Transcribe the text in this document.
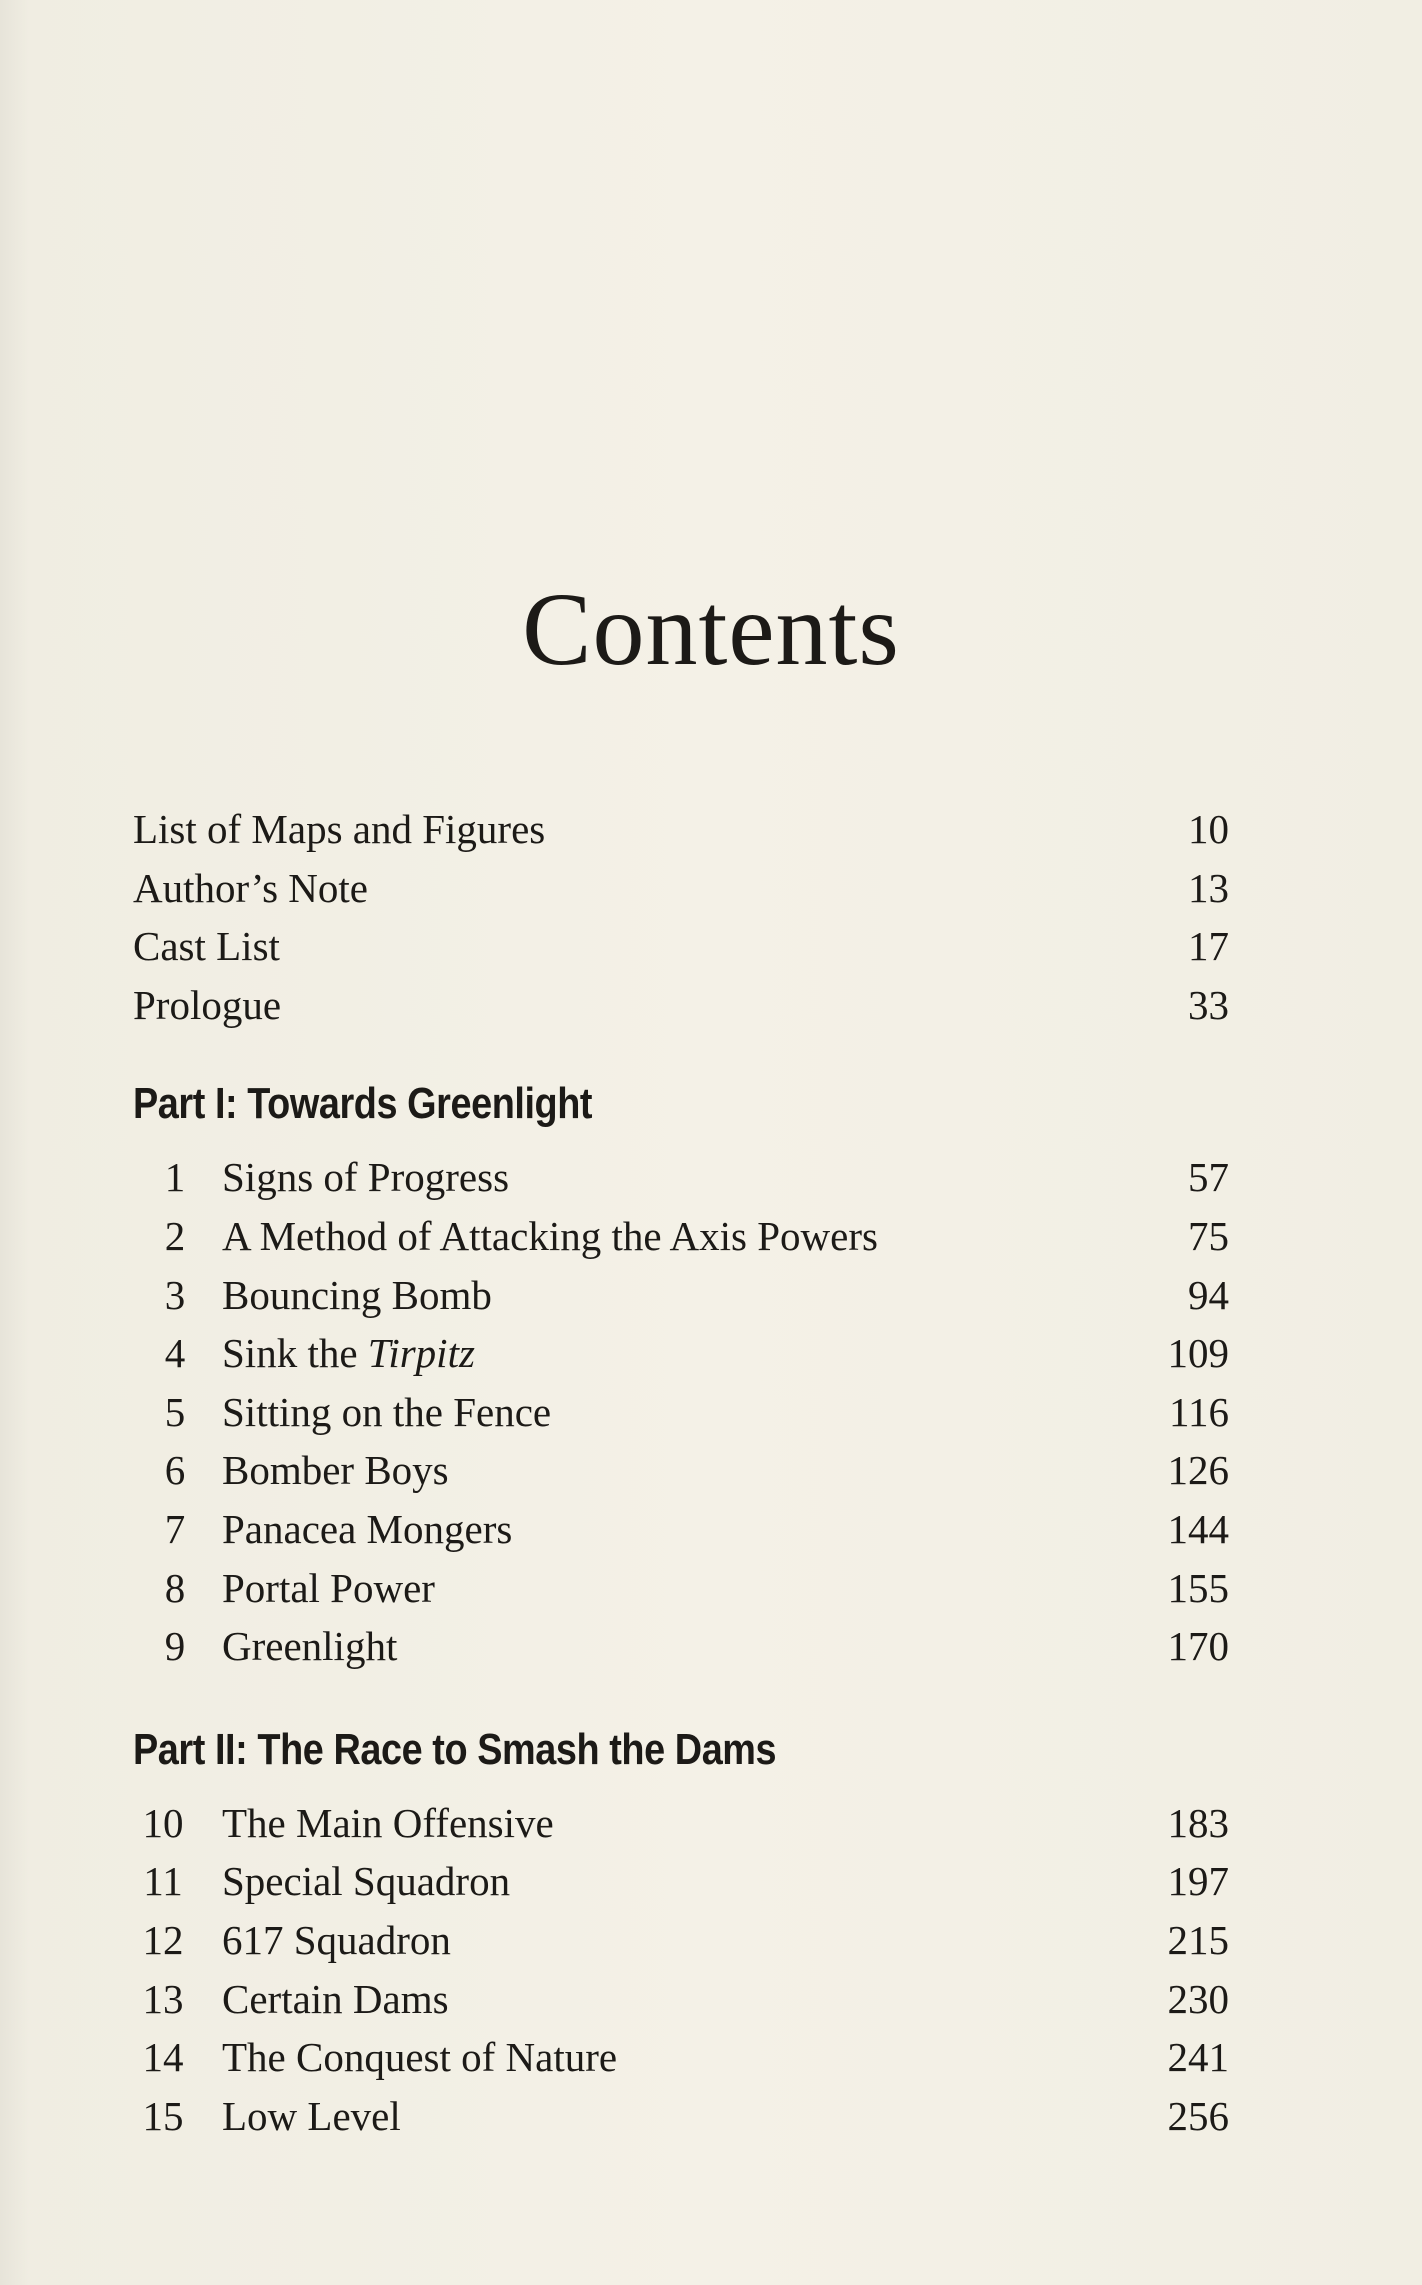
Contents
List of Maps and Figures	10
Author’s Note	13
Cast List	17
Prologue	33
Part I: Towards Greenlight
1 Signs of Progress	57
2 A Method of Attacking the Axis Powers	75
3 Bouncing Bomb	94
4 Sink the Tirpitz	109
5 Sitting on the Fence	116
6 Bomber Boys	126
7 Panacea Mongers	144
8 Portal Power	155
9 Greenlight	170
Part II: The Race to Smash the Dams
10 The Main Offensive	183
11 Special Squadron	197
12 617 Squadron	215
13 Certain Dams	230
14 The Conquest of Nature	241
15 Low Level	256
